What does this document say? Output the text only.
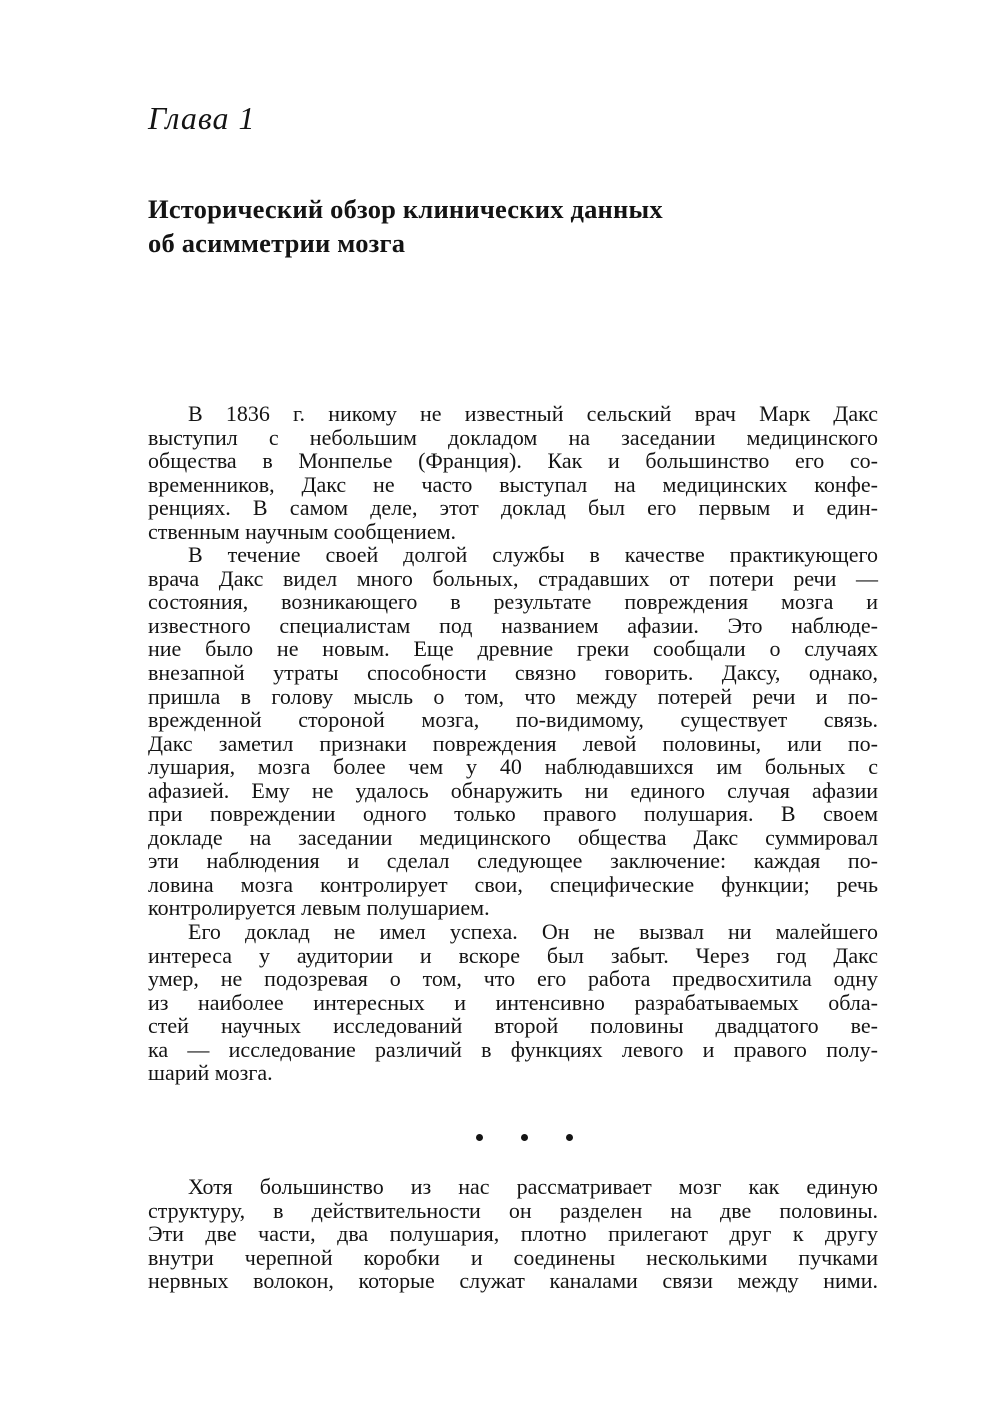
Глава 1
Исторический обзор клинических данных
об асимметрии мозга
В 1836 г. никому не известный сельский врач Марк Дакс
выступил с небольшим докладом на заседании медицинского
общества в Монпелье (Франция). Как и большинство его со-
временников, Дакс не часто выступал на медицинских конфе-
ренциях. В самом деле, этот доклад был его первым и един-
ственным научным сообщением.
В течение своей долгой службы в качестве практикующего
врача Дакс видел много больных, страдавших от потери речи —
состояния, возникающего в результате повреждения мозга и
известного специалистам под названием афазии. Это наблюде-
ние было не новым. Еще древние греки сообщали о случаях
внезапной утраты способности связно говорить. Даксу, однако,
пришла в голову мысль о том, что между потерей речи и по-
врежденной стороной мозга, по-видимому, существует связь.
Дакс заметил признаки повреждения левой половины, или по-
лушария, мозга более чем у 40 наблюдавшихся им больных с
афазией. Ему не удалось обнаружить ни единого случая афазии
при повреждении одного только правого полушария. В своем
докладе на заседании медицинского общества Дакс суммировал
эти наблюдения и сделал следующее заключение: каждая по-
ловина мозга контролирует свои, специфические функции; речь
контролируется левым полушарием.
Его доклад не имел успеха. Он не вызвал ни малейшего
интереса у аудитории и вскоре был забыт. Через год Дакс
умер, не подозревая о том, что его работа предвосхитила одну
из наиболее интересных и интенсивно разрабатываемых обла-
стей научных исследований второй половины двадцатого ве-
ка — исследование различий в функциях левого и правого полу-
шарий мозга.
Хотя большинство из нас рассматривает мозг как единую
структуру, в действительности он разделен на две половины.
Эти две части, два полушария, плотно прилегают друг к другу
внутри черепной коробки и соединены несколькими пучками
нервных волокон, которые служат каналами связи между ними.
